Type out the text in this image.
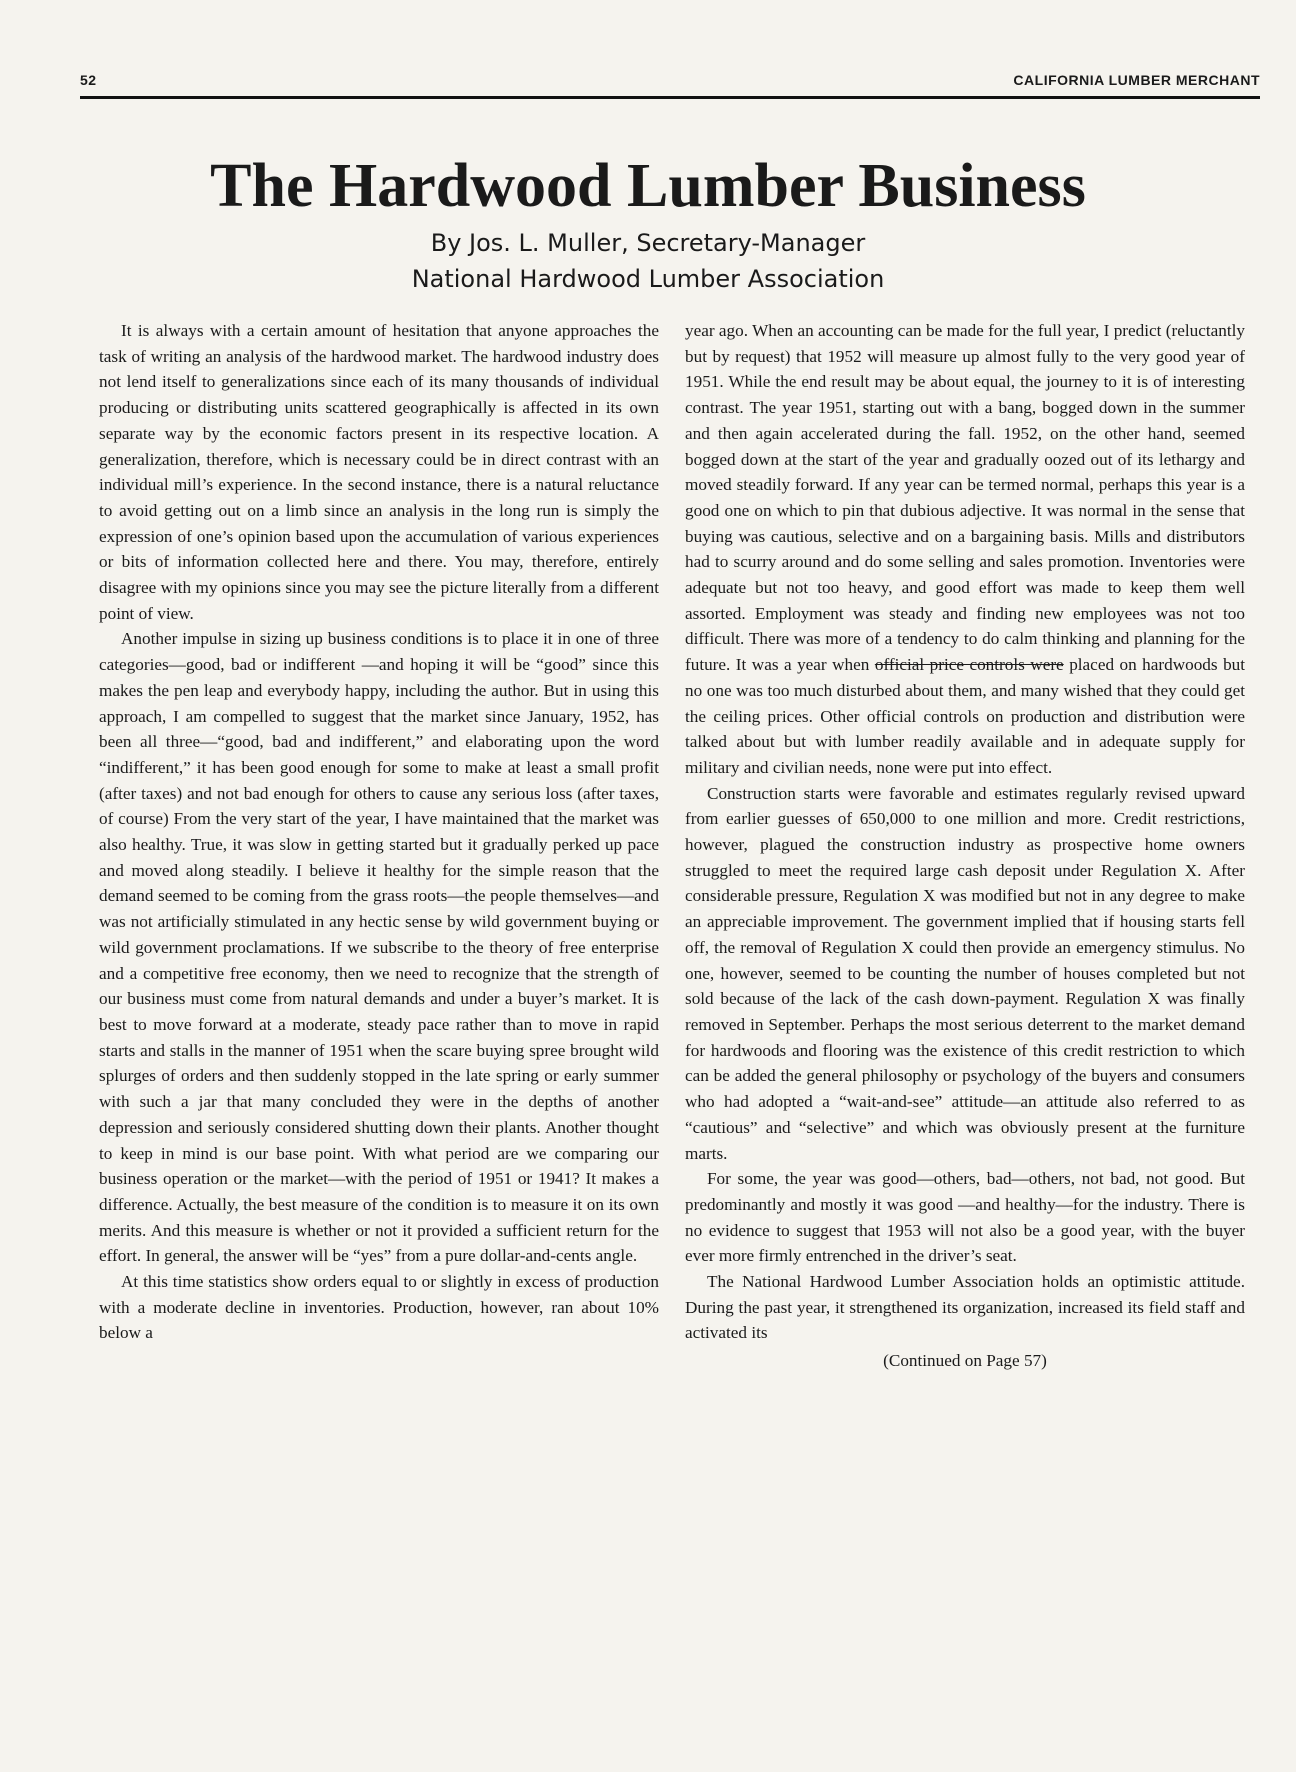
52	CALIFORNIA LUMBER MERCHANT
The Hardwood Lumber Business
By Jos. L. Muller, Secretary-Manager
National Hardwood Lumber Association

It is always with a certain amount of hesitation that anyone approaches the task of writing an analysis of the hardwood market. The hardwood industry does not lend itself to generalizations since each of its many thousands of individual producing or distributing units scattered geographically is affected in its own separate way by the economic factors present in its respective location. A generalization, therefore, which is necessary could be in direct contrast with an individual mill’s experience. In the second instance, there is a natural reluctance to avoid getting out on a limb since an analysis in the long run is simply the expression of one’s opinion based upon the accumulation of various experiences or bits of information collected here and there. You may, therefore, entirely disagree with my opinions since you may see the picture literally from a different point of view.

Another impulse in sizing up business conditions is to place it in one of three categories—good, bad or indifferent —and hoping it will be “good” since this makes the pen leap and everybody happy, including the author. But in using this approach, I am compelled to suggest that the market since January, 1952, has been all three—“good, bad and indifferent,” and elaborating upon the word “indifferent,” it has been good enough for some to make at least a small profit (after taxes) and not bad enough for others to cause any serious loss (after taxes, of course) From the very start of the year, I have maintained that the market was also healthy. True, it was slow in getting started but it gradually perked up pace and moved along steadily. I believe it healthy for the simple reason that the demand seemed to be coming from the grass roots—the people themselves—and was not artificially stimulated in any hectic sense by wild government buying or wild government proclamations. If we subscribe to the theory of free enterprise and a competitive free economy, then we need to recognize that the strength of our business must come from natural demands and under a buyer’s market. It is best to move forward at a moderate, steady pace rather than to move in rapid starts and stalls in the manner of 1951 when the scare buying spree brought wild splurges of orders and then suddenly stopped in the late spring or early summer with such a jar that many concluded they were in the depths of another depression and seriously considered shutting down their plants. Another thought to keep in mind is our base point. With what period are we comparing our business operation or the market—with the period of 1951 or 1941? It makes a difference. Actually, the best measure of the condition is to measure it on its own merits. And this measure is whether or not it provided a sufficient return for the effort. In general, the answer will be “yes” from a pure dollar-and-cents angle.

At this time statistics show orders equal to or slightly in excess of production with a moderate decline in inventories. Production, however, ran about 10% below a

year ago. When an accounting can be made for the full year, I predict (reluctantly but by request) that 1952 will measure up almost fully to the very good year of 1951. While the end result may be about equal, the journey to it is of interesting contrast. The year 1951, starting out with a bang, bogged down in the summer and then again accelerated during the fall. 1952, on the other hand, seemed bogged down at the start of the year and gradually oozed out of its lethargy and moved steadily forward. If any year can be termed normal, perhaps this year is a good one on which to pin that dubious adjective. It was normal in the sense that buying was cautious, selective and on a bargaining basis. Mills and distributors had to scurry around and do some selling and sales promotion. Inventories were adequate but not too heavy, and good effort was made to keep them well assorted. Employment was steady and finding new employees was not too difficult. There was more of a tendency to do calm thinking and planning for the future. It was a year when official price controls were placed on hardwoods but no one was too much disturbed about them, and many wished that they could get the ceiling prices. Other official controls on production and distribution were talked about but with lumber readily available and in adequate supply for military and civilian needs, none were put into effect.

Construction starts were favorable and estimates regularly revised upward from earlier guesses of 650,000 to one million and more. Credit restrictions, however, plagued the construction industry as prospective home owners struggled to meet the required large cash deposit under Regulation X. After considerable pressure, Regulation X was modified but not in any degree to make an appreciable improvement. The government implied that if housing starts fell off, the removal of Regulation X could then provide an emergency stimulus. No one, however, seemed to be counting the number of houses completed but not sold because of the lack of the cash down-payment. Regulation X was finally removed in September. Perhaps the most serious deterrent to the market demand for hardwoods and flooring was the existence of this credit restriction to which can be added the general philosophy or psychology of the buyers and consumers who had adopted a “wait-and-see” attitude—an attitude also referred to as “cautious” and “selective” and which was obviously present at the furniture marts.

For some, the year was good—others, bad—others, not bad, not good. But predominantly and mostly it was good —and healthy—for the industry. There is no evidence to suggest that 1953 will not also be a good year, with the buyer ever more firmly entrenched in the driver’s seat.

The National Hardwood Lumber Association holds an optimistic attitude. During the past year, it strengthened its organization, increased its field staff and activated its

(Continued on Page 57)
